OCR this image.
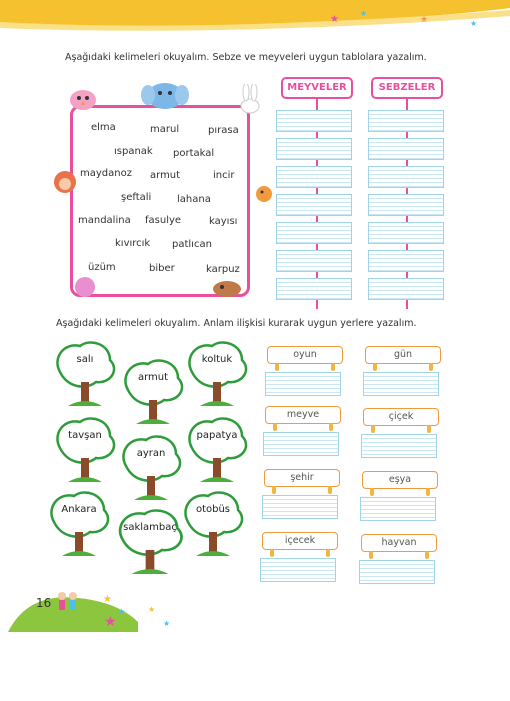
★
★
★	★
Aşağıdaki kelimeleri okuyalım. Sebze ve meyveleri uygun tablolara yazalım.
elma	marul	pırasa
ıspanak portakal
maydanoz armut	incir
şeftali	lahana
mandalina fasulye	kayısı
kıvırcık patlıcan
üzüm	biber	karpuz
MEYVELER	SEBZELER
Aşağıdaki kelimeleri okuyalım. Anlam ilişkisi kurarak uygun yerlere yazalım.
salı
armut
koltuk
tavşan
ayran
papatya
Ankara
saklambaç
otobüs
oyun	gün
meyve	çiçek
şehir	eşya
içecek	hayvan
★
★
★
★
★
16
